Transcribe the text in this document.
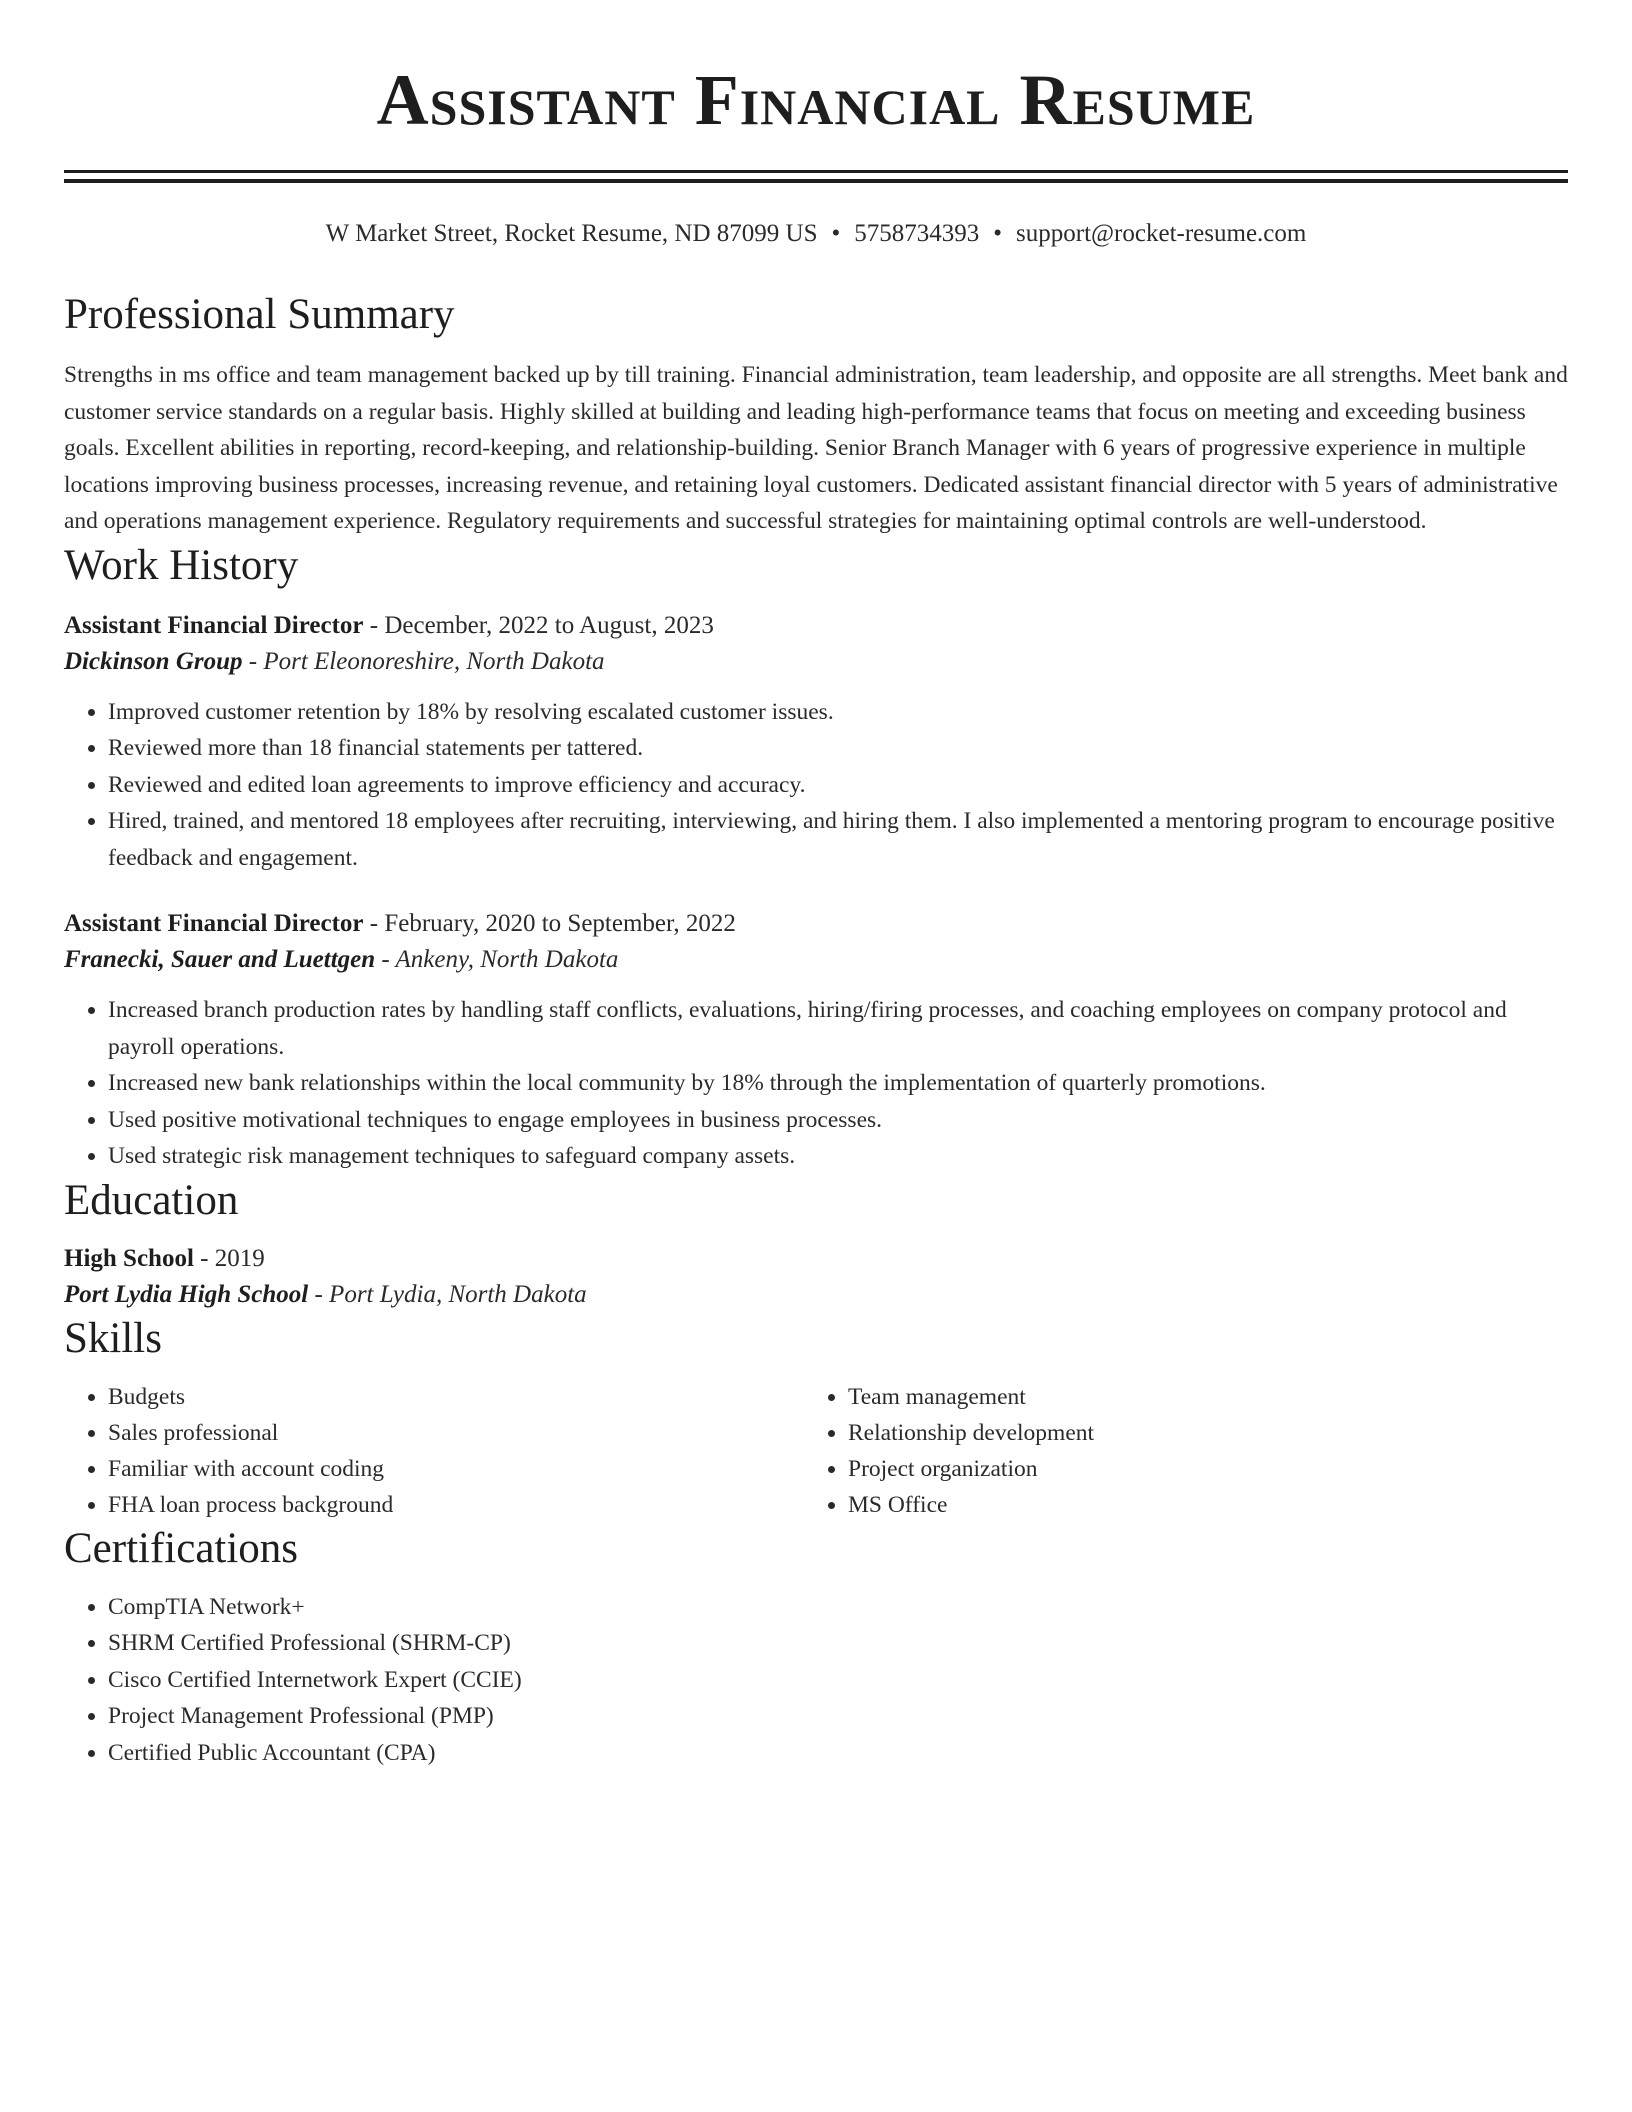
Assistant Financial Resume
W Market Street, Rocket Resume, ND 87099 US • 5758734393 • support@rocket-resume.com
Professional Summary
Strengths in ms office and team management backed up by till training. Financial administration, team leadership, and opposite are all strengths. Meet bank and customer service standards on a regular basis. Highly skilled at building and leading high-performance teams that focus on meeting and exceeding business goals. Excellent abilities in reporting, record-keeping, and relationship-building. Senior Branch Manager with 6 years of progressive experience in multiple locations improving business processes, increasing revenue, and retaining loyal customers. Dedicated assistant financial director with 5 years of administrative and operations management experience. Regulatory requirements and successful strategies for maintaining optimal controls are well-understood.
Work History
Assistant Financial Director - December, 2022 to August, 2023
Dickinson Group - Port Eleonoreshire, North Dakota
• Improved customer retention by 18% by resolving escalated customer issues.
• Reviewed more than 18 financial statements per tattered.
• Reviewed and edited loan agreements to improve efficiency and accuracy.
• Hired, trained, and mentored 18 employees after recruiting, interviewing, and hiring them. I also implemented a mentoring program to encourage positive feedback and engagement.
Assistant Financial Director - February, 2020 to September, 2022
Franecki, Sauer and Luettgen - Ankeny, North Dakota
• Increased branch production rates by handling staff conflicts, evaluations, hiring/firing processes, and coaching employees on company protocol and payroll operations.
• Increased new bank relationships within the local community by 18% through the implementation of quarterly promotions.
• Used positive motivational techniques to engage employees in business processes.
• Used strategic risk management techniques to safeguard company assets.
Education
High School - 2019
Port Lydia High School - Port Lydia, North Dakota
Skills
• Budgets
• Sales professional
• Familiar with account coding
• FHA loan process background
• Team management
• Relationship development
• Project organization
• MS Office
Certifications
• CompTIA Network+
• SHRM Certified Professional (SHRM-CP)
• Cisco Certified Internetwork Expert (CCIE)
• Project Management Professional (PMP)
• Certified Public Accountant (CPA)
